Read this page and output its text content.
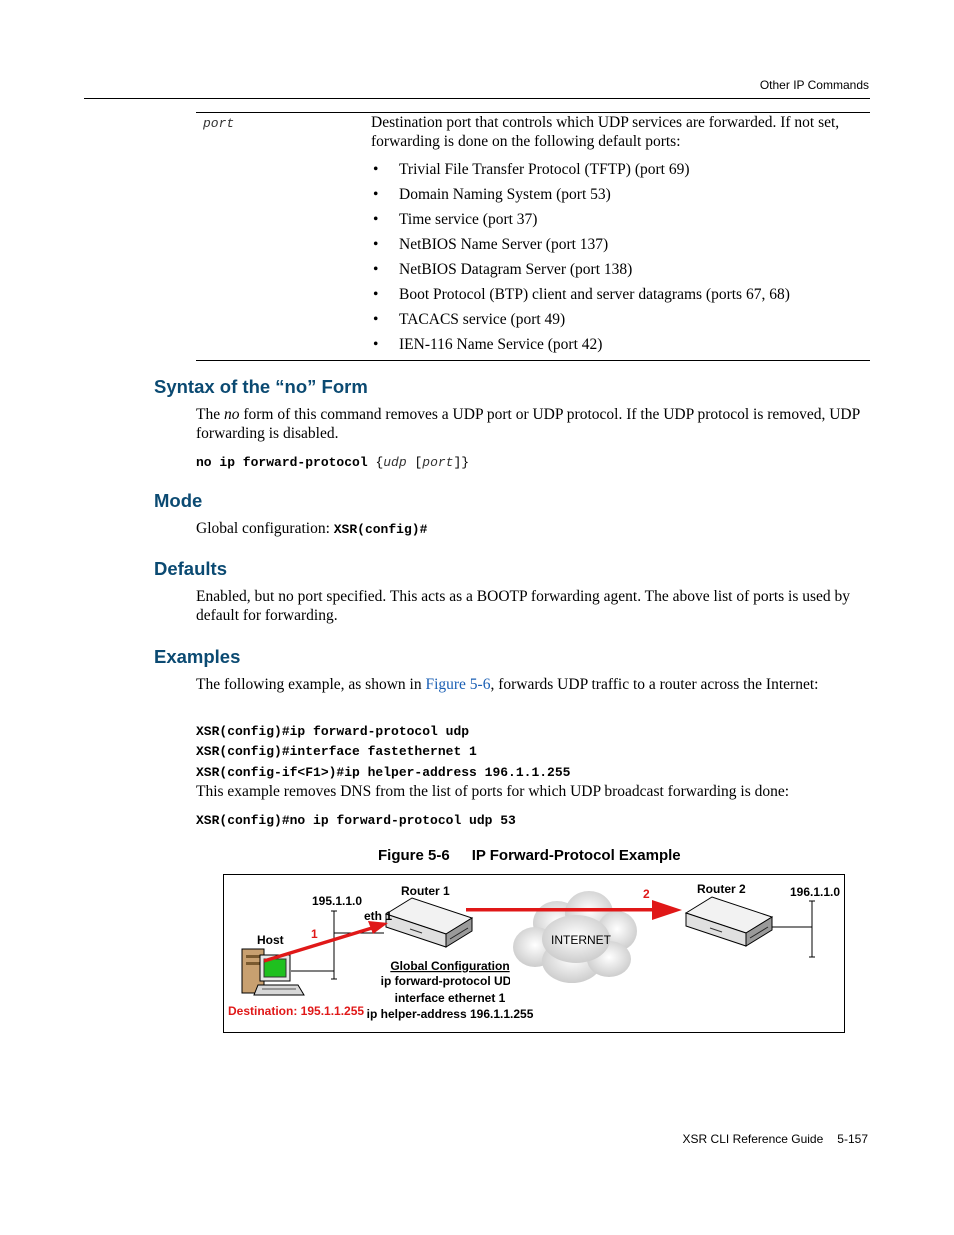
Other IP Commands
port	Destination port that controls which UDP services are forwarded. If not set, forwarding is done on the following default ports:
• Trivial File Transfer Protocol (TFTP) (port 69)
• Domain Naming System (port 53)
• Time service (port 37)
• NetBIOS Name Server (port 137)
• NetBIOS Datagram Server (port 138)
• Boot Protocol (BTP) client and server datagrams (ports 67, 68)
• TACACS service (port 49)
• IEN-116 Name Service (port 42)
Syntax of the “no” Form
The no form of this command removes a UDP port or UDP protocol. If the UDP protocol is removed, UDP forwarding is disabled.
no ip forward-protocol {udp [port]}
Mode
Global configuration: XSR(config)#
Defaults
Enabled, but no port specified. This acts as a BOOTP forwarding agent. The above list of ports is used by default for forwarding.
Examples
The following example, as shown in Figure 5-6, forwards UDP traffic to a router across the Internet:
XSR(config)#ip forward-protocol udp
XSR(config)#interface fastethernet 1
XSR(config-if<F1>)#ip helper-address 196.1.1.255
This example removes DNS from the list of ports for which UDP broadcast forwarding is done:
XSR(config)#no ip forward-protocol udp 53
Figure 5-6 IP Forward-Protocol Example
195.1.1.0
Router 1
eth 1
Host 1
2	Router 2	196.1.1.0
INTERNET
Destination: 195.1.1.255
Global Configuration
ip forward-protocol UDP
interface ethernet 1
ip helper-address 196.1.1.255
XSR CLI Reference Guide 5-157
